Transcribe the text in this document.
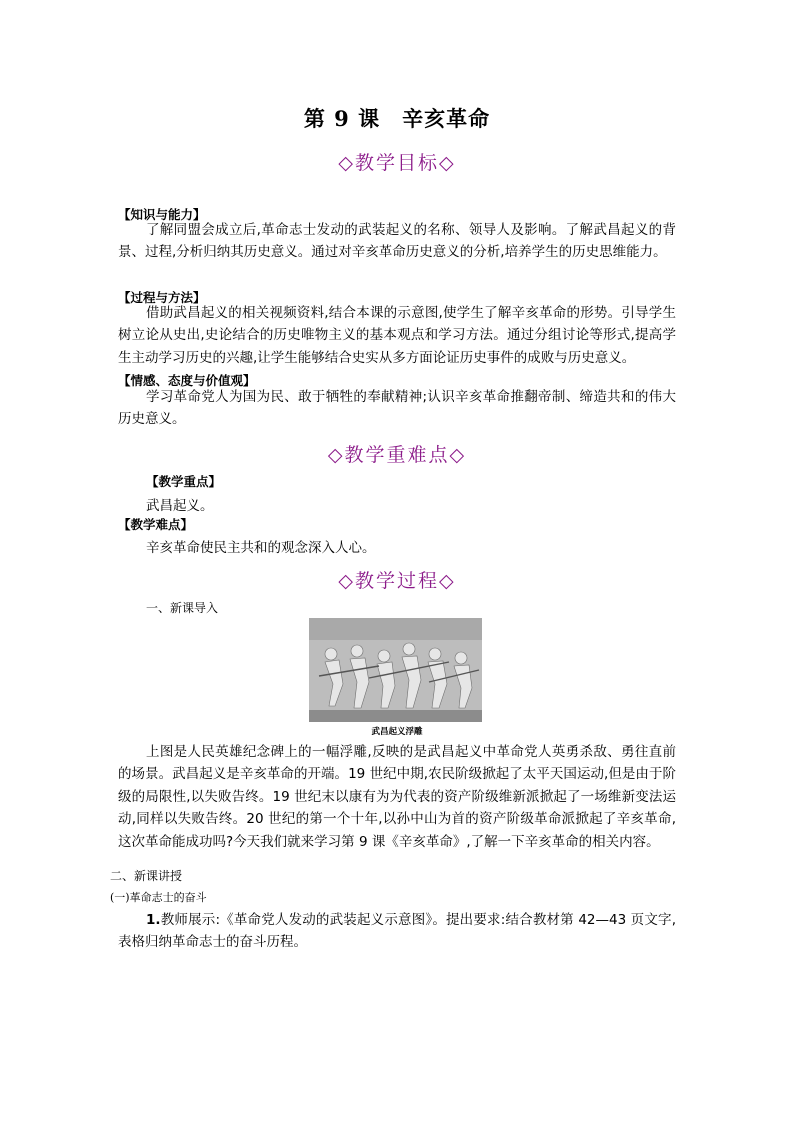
第 9 课 辛亥革命
◇教学目标◇
【知识与能力】
了解同盟会成立后,革命志士发动的武装起义的名称、领导人及影响。了解武昌起义的背景、过程,分析归纳其历史意义。通过对辛亥革命历史意义的分析,培养学生的历史思维能力。
【过程与方法】
借助武昌起义的相关视频资料,结合本课的示意图,使学生了解辛亥革命的形势。引导学生树立论从史出,史论结合的历史唯物主义的基本观点和学习方法。通过分组讨论等形式,提高学生主动学习历史的兴趣,让学生能够结合史实从多方面论证历史事件的成败与历史意义。
【情感、态度与价值观】
学习革命党人为国为民、敢于牺牲的奉献精神;认识辛亥革命推翻帝制、缔造共和的伟大历史意义。
◇教学重难点◇
【教学重点】
武昌起义。
【教学难点】
辛亥革命使民主共和的观念深入人心。
◇教学过程◇
一、新课导入
武昌起义浮雕
上图是人民英雄纪念碑上的一幅浮雕,反映的是武昌起义中革命党人英勇杀敌、勇往直前的场景。武昌起义是辛亥革命的开端。19 世纪中期,农民阶级掀起了太平天国运动,但是由于阶级的局限性,以失败告终。19 世纪末以康有为为代表的资产阶级维新派掀起了一场维新变法运动,同样以失败告终。20 世纪的第一个十年,以孙中山为首的资产阶级革命派掀起了辛亥革命,这次革命能成功吗?今天我们就来学习第 9 课《辛亥革命》,了解一下辛亥革命的相关内容。
二、新课讲授
(一)革命志士的奋斗
1.教师展示:《革命党人发动的武装起义示意图》。提出要求:结合教材第 42—43 页文字,表格归纳革命志士的奋斗历程。
